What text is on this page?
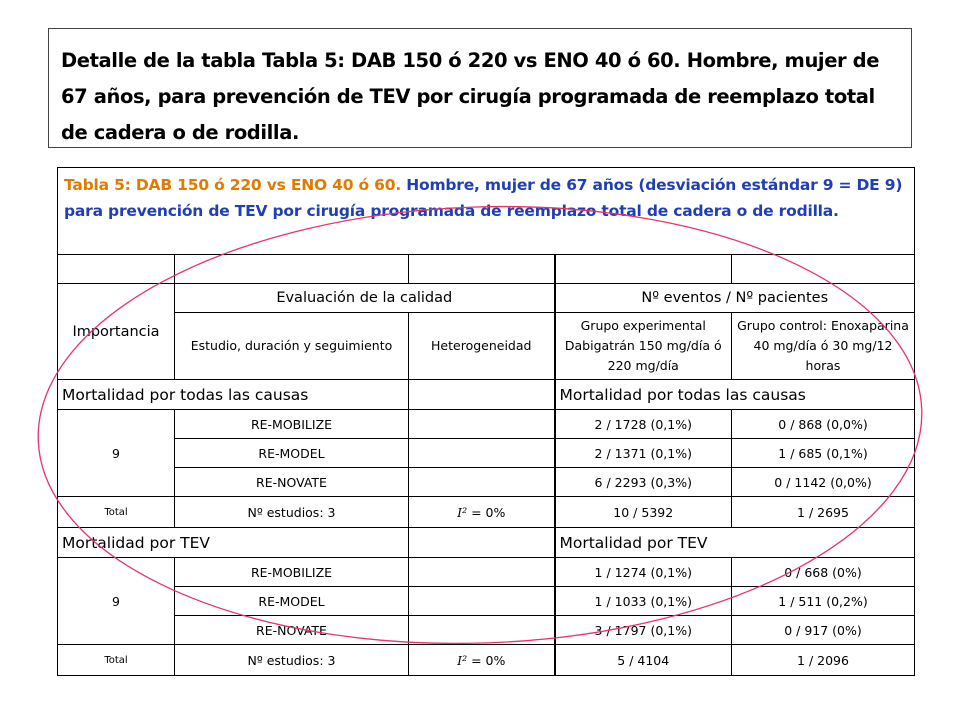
Detalle de la tabla Tabla 5: DAB 150 ó 220 vs ENO 40 ó 60. Hombre, mujer de 67 años, para prevención de TEV por cirugía programada de reemplazo total de cadera o de rodilla.
Tabla 5: DAB 150 ó 220 vs ENO 40 ó 60. Hombre, mujer de 67 años (desviación estándar 9 = DE 9) para prevención de TEV por cirugía programada de reemplazo total de cadera o de rodilla.				

Importancia	Evaluación de la calidad		Nº eventos / Nº pacientes	
	Estudio, duración y seguimiento	Heterogeneidad	Grupo experimental Dabigatrán 150 mg/día ó 220 mg/día	Grupo control: Enoxaparina 40 mg/día ó 30 mg/12 horas
Mortalidad por todas las causas			Mortalidad por todas las causas	
9	RE-MOBILIZE		2 / 1728 (0,1%)	0 / 868 (0,0%)
	RE-MODEL		2 / 1371 (0,1%)	1 / 685 (0,1%)
	RE-NOVATE		6 / 2293 (0,3%)	0 / 1142 (0,0%)
Total	Nº estudios: 3	I² = 0%	10 / 5392	1 / 2695
Mortalidad por TEV			Mortalidad por TEV	
9	RE-MOBILIZE		1 / 1274 (0,1%)	0 / 668 (0%)
	RE-MODEL		1 / 1033 (0,1%)	1 / 511 (0,2%)
	RE-NOVATE		3 / 1797 (0,1%)	0 / 917 (0%)
Total	Nº estudios: 3	I² = 0%	5 / 4104	1 / 2096
